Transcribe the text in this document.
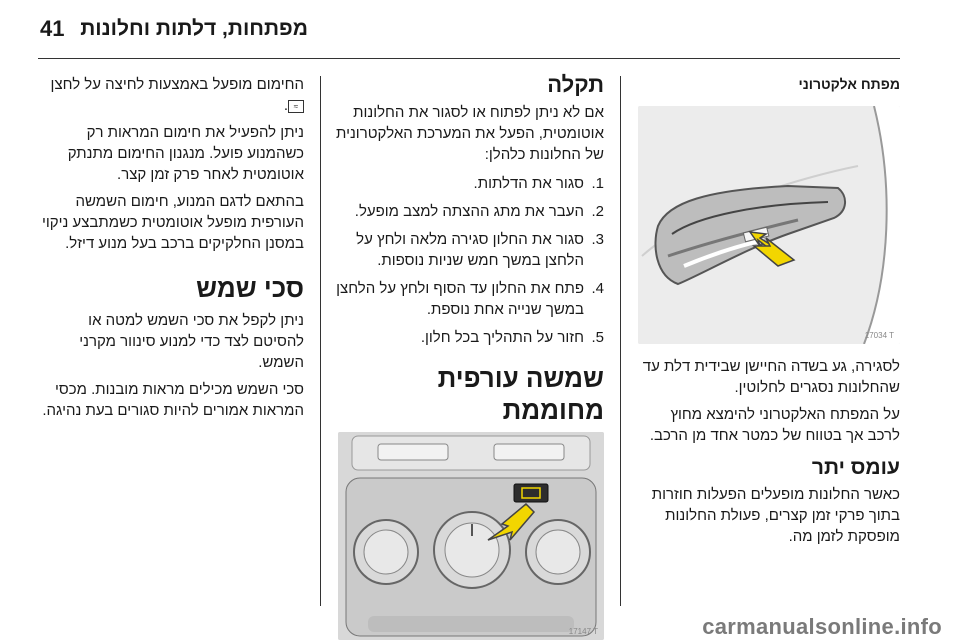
41 מפתחות, דלתות וחלונות
מפתח אלקטרוני
17034 T

לסגירה, גע בשדה החיישן שבידית דלת עד שהחלונות נסגרים לחלוטין.

על המפתח האלקטרוני להימצא מחוץ לרכב אך בטווח של כמטר אחד מן הרכב.

עומס יתר

כאשר החלונות מופעלים הפעלות חוזרות בתוך פרקי זמן קצרים, פעולת החלונות מופסקת לזמן מה.

תקלה

אם לא ניתן לפתוח או לסגור את החלונות אוטומטית, הפעל את המערכת האלקטרונית של החלונות כלהלן:

1.
סגור את הדלתות.
2.
העבר את מתג ההצתה למצב מופעל.
3.
סגור את החלון סגירה מלאה ולחץ על הלחצן במשך חמש שניות נוספות.
4.
פתח את החלון עד הסוף ולחץ על הלחצן במשך שנייה אחת נוספת.
5.
חזור על התהליך בכל חלון.
שמשה עורפית מחוממת
17147 T

החימום מופעל באמצעות לחיצה על לחצן ≈.

ניתן להפעיל את חימום המראות רק כשהמנוע פועל. מנגנון החימום מתנתק אוטומטית לאחר פרק זמן קצר.

בהתאם לדגם המנוע, חימום השמשה העורפית מופעל אוטומטית כשמתבצע ניקוי במסנן החלקיקים ברכב בעל מנוע דיזל.

סכי שמש

ניתן לקפל את סכי השמש למטה או להסיטם לצד כדי למנוע סינוור מקרני השמש.

סכי השמש מכילים מראות מובנות. מכסי המראות אמורים להיות סגורים בעת נהיגה.

carmanualsonline.info
